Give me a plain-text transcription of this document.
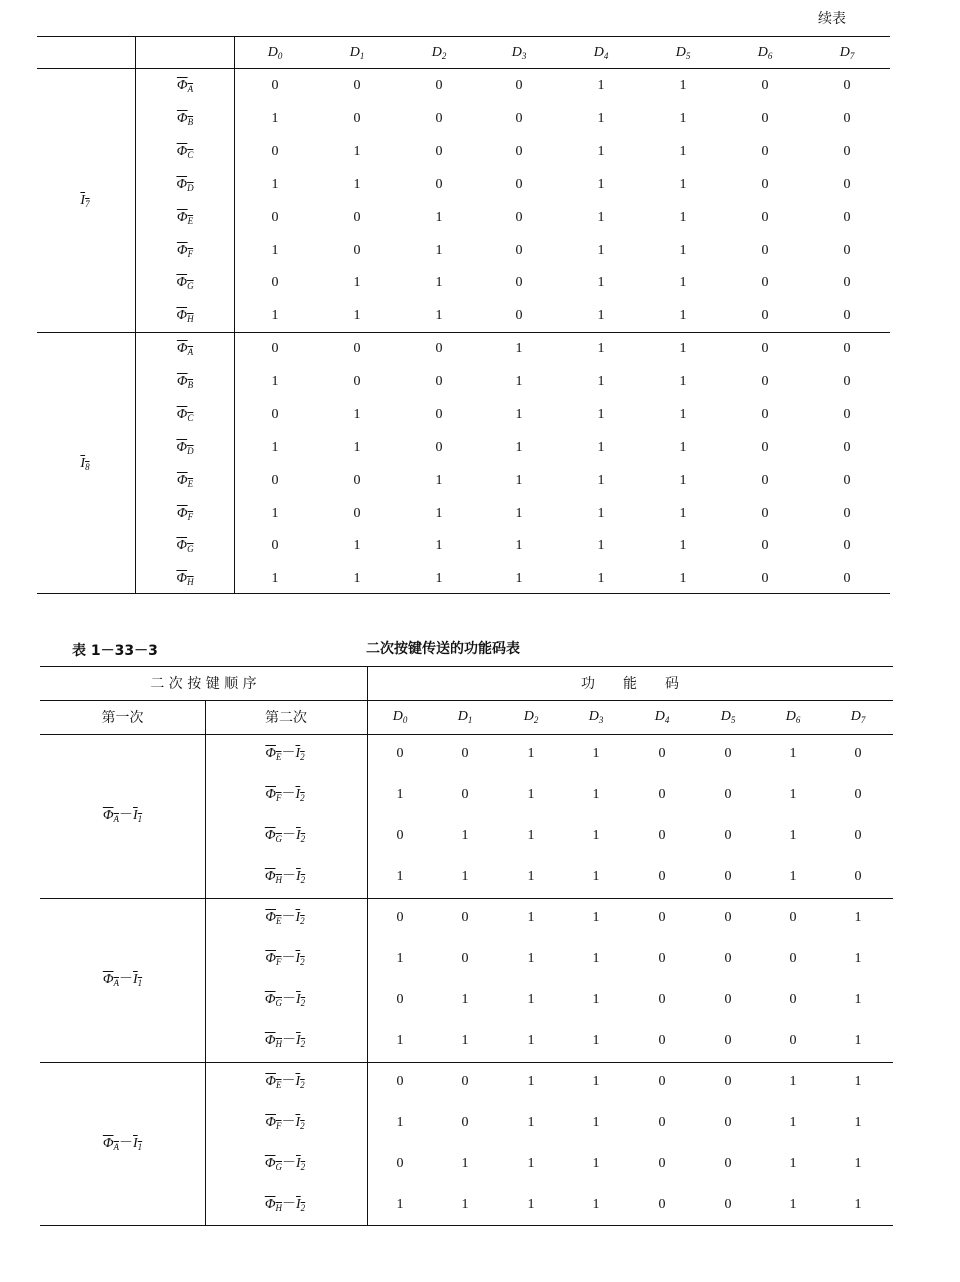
续表
$D_0$	$D_1$	$D_2$	$D_3$	$D_4$	$D_5$	$D_6$	$D_7$
$I_7$
$\Phi_A$	0	0	0	0	1	1	0	0
$\Phi_B$	1	0	0	0	1	1	0	0
$\Phi_C$	0	1	0	0	1	1	0	0
$\Phi_D$	1	1	0	0	1	1	0	0
$\Phi_E$	0	0	1	0	1	1	0	0
$\Phi_F$	1	0	1	0	1	1	0	0
$\Phi_G$	0	1	1	0	1	1	0	0
$\Phi_H$	1	1	1	0	1	1	0	0
$I_8$
$\Phi_A$	0	0	0	1	1	1	0	0
$\Phi_B$	1	0	0	1	1	1	0	0
$\Phi_C$	0	1	0	1	1	1	0	0
$\Phi_D$	1	1	0	1	1	1	0	0
$\Phi_E$	0	0	1	1	1	1	0	0
$\Phi_F$	1	0	1	1	1	1	0	0
$\Phi_G$	0	1	1	1	1	1	0	0
$\Phi_H$	1	1	1	1	1	1	0	0
表 1－33－3	二次按键传送的功能码表
二 次 按 键 顺 序	功　　能　　码
第一次	第二次	$D_0$	$D_1$	$D_2$	$D_3$	$D_4$	$D_5$	$D_6$	$D_7$
$\Phi_A-I_1$
$\Phi_E-I_2$	0	0	1	1	0	0	1	0
$\Phi_F-I_2$	1	0	1	1	0	0	1	0
$\Phi_G-I_2$	0	1	1	1	0	0	1	0
$\Phi_H-I_2$	1	1	1	1	0	0	1	0
$\Phi_A-I_1$
$\Phi_E-I_2$	0	0	1	1	0	0	0	1
$\Phi_F-I_2$	1	0	1	1	0	0	0	1
$\Phi_G-I_2$	0	1	1	1	0	0	0	1
$\Phi_H-I_2$	1	1	1	1	0	0	0	1
$\Phi_A-I_1$
$\Phi_E-I_2$	0	0	1	1	0	0	1	1
$\Phi_F-I_2$	1	0	1	1	0	0	1	1
$\Phi_G-I_2$	0	1	1	1	0	0	1	1
$\Phi_H-I_2$	1	1	1	1	0	0	1	1
